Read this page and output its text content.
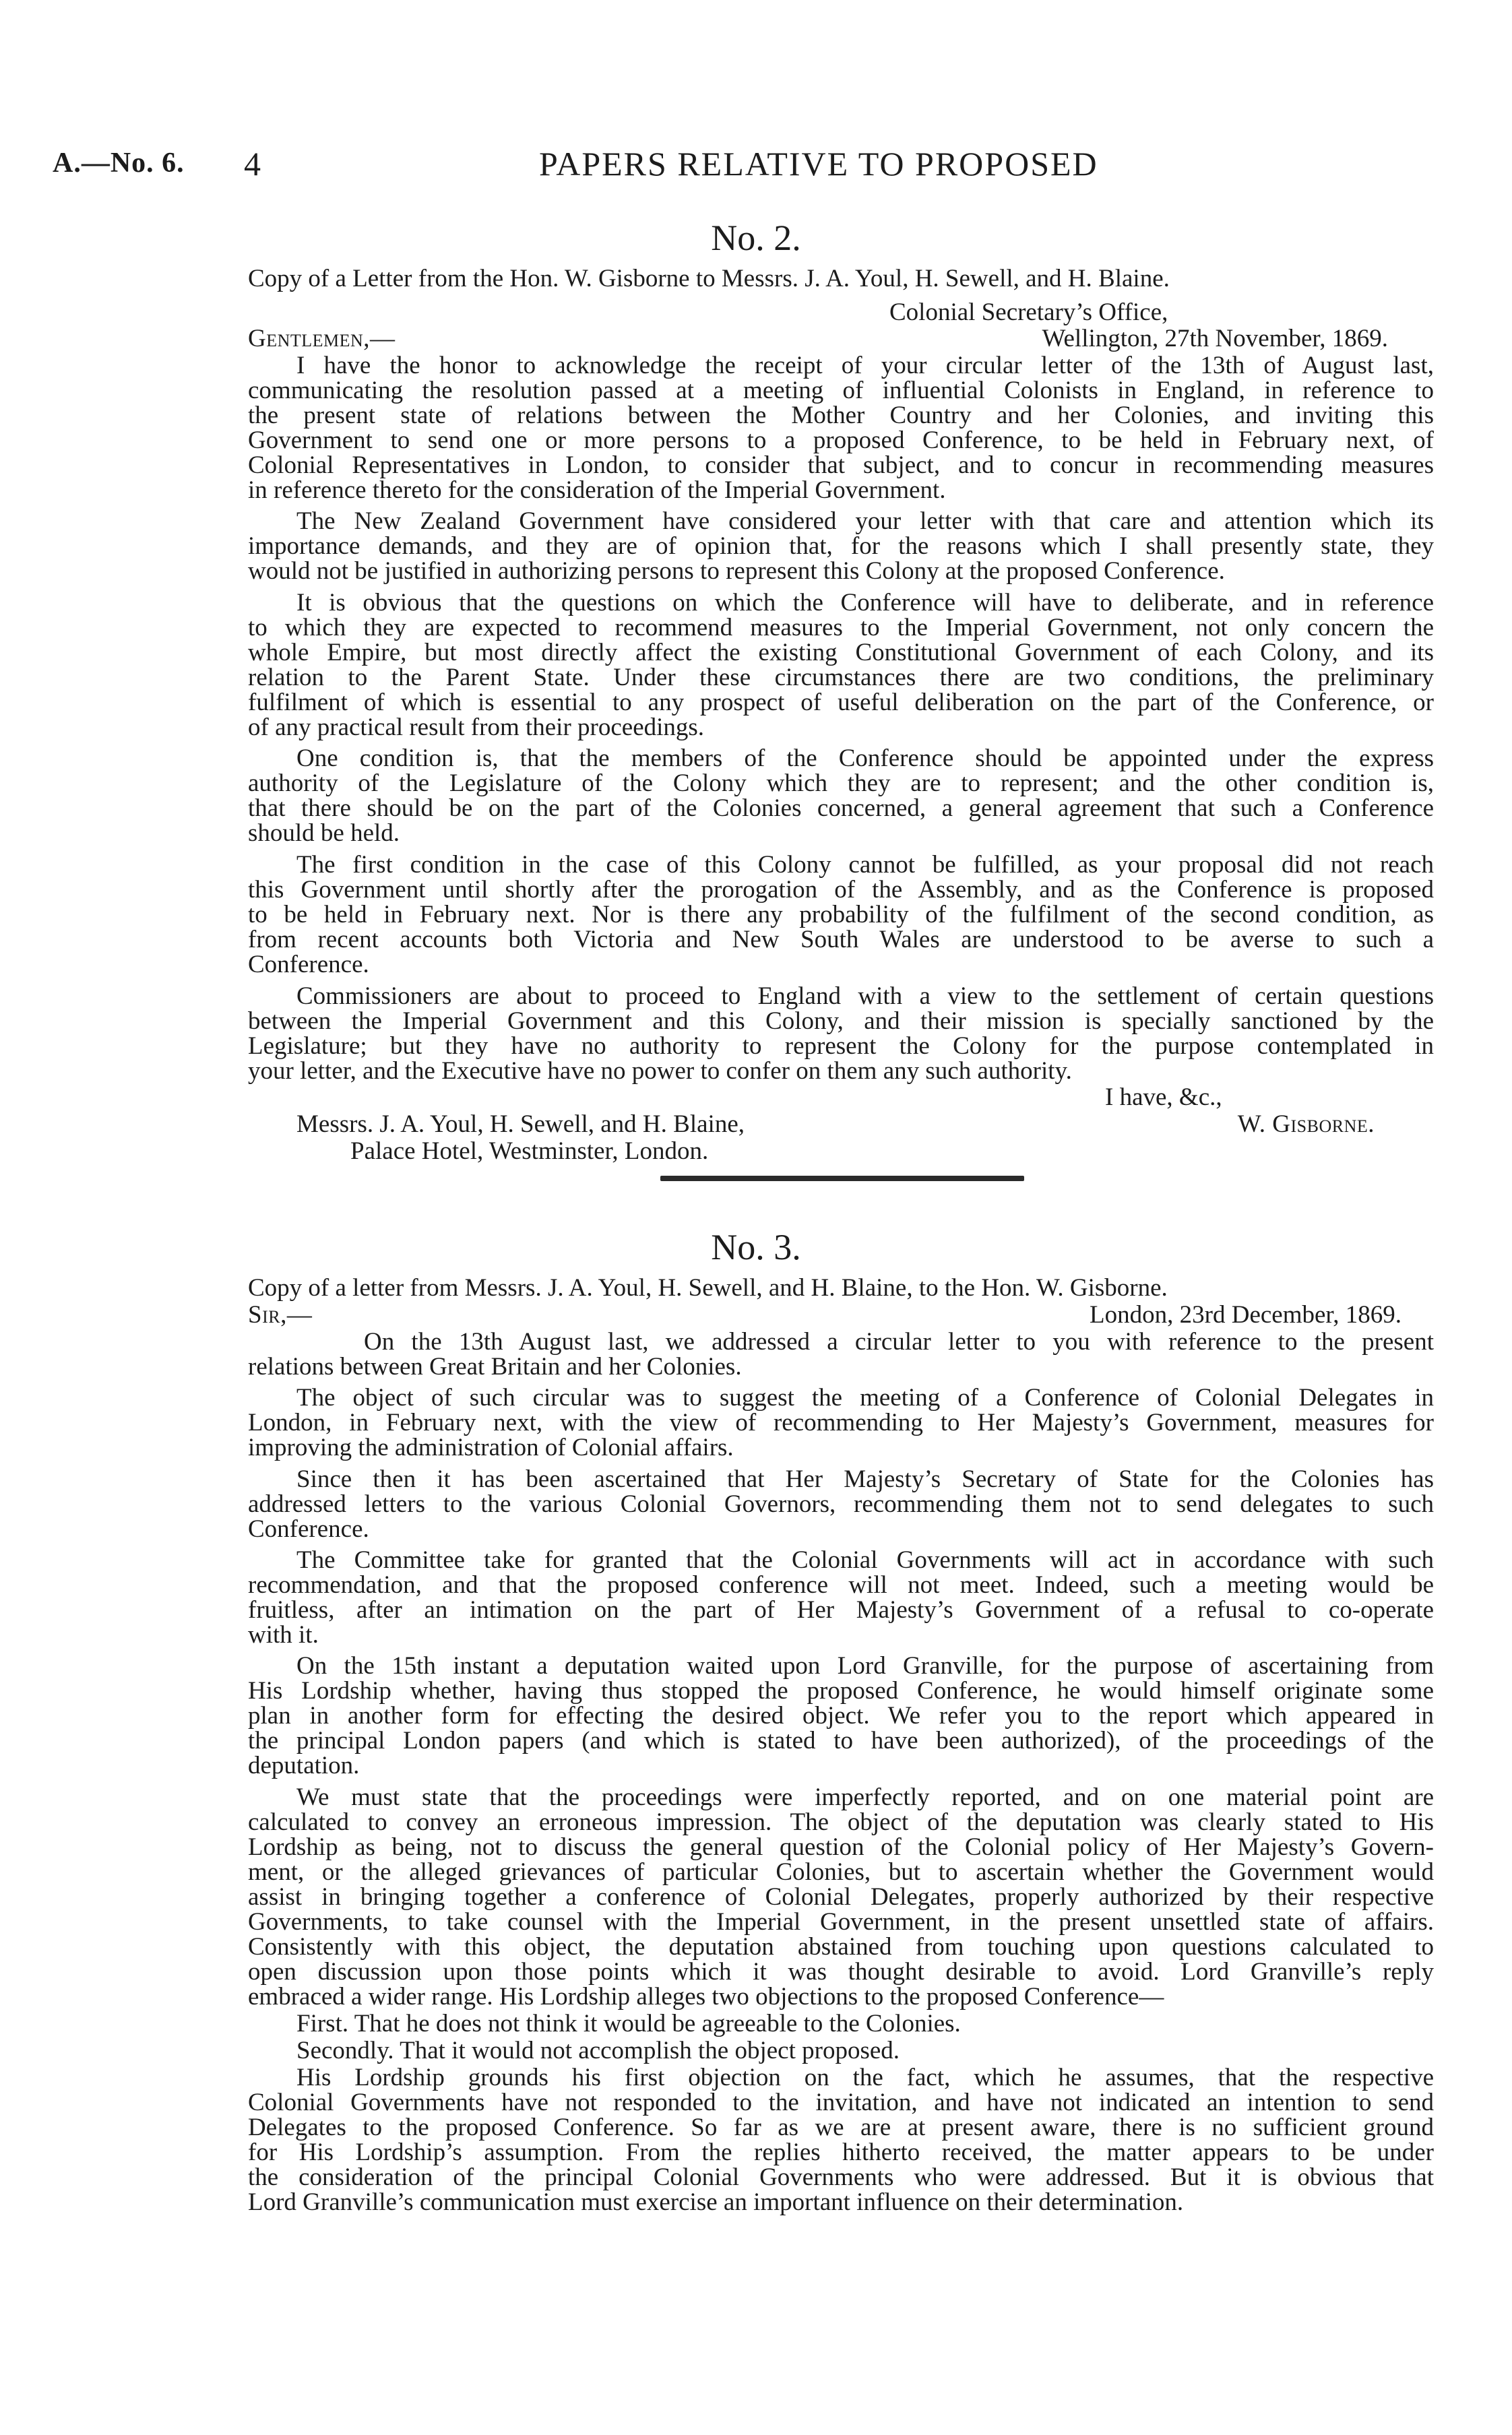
A.—No. 6. 4	PAPERS RELATIVE TO PROPOSED
No. 2.
Copy of a Letter from the Hon. W. Gisborne to Messrs. J. A. Youl, H. Sewell, and H. Blaine.
Colonial Secretary’s Office,
Gentlemen,—	Wellington, 27th November, 1869.
I have the honor to acknowledge the receipt of your circular letter of the 13th of August last,
communicating the resolution passed at a meeting of influential Colonists in England, in reference to
the present state of relations between the Mother Country and her Colonies, and inviting this
Government to send one or more persons to a proposed Conference, to be held in February next, of
Colonial Representatives in London, to consider that subject, and to concur in recommending measures
in reference thereto for the consideration of the Imperial Government.
The New Zealand Government have considered your letter with that care and attention which its
importance demands, and they are of opinion that, for the reasons which I shall presently state, they
would not be justified in authorizing persons to represent this Colony at the proposed Conference.
It is obvious that the questions on which the Conference will have to deliberate, and in reference
to which they are expected to recommend measures to the Imperial Government, not only concern the
whole Empire, but most directly affect the existing Constitutional Government of each Colony, and its
relation to the Parent State. Under these circumstances there are two conditions, the preliminary
fulfilment of which is essential to any prospect of useful deliberation on the part of the Conference, or
of any practical result from their proceedings.
One condition is, that the members of the Conference should be appointed under the express
authority of the Legislature of the Colony which they are to represent; and the other condition is,
that there should be on the part of the Colonies concerned, a general agreement that such a Conference
should be held.
The first condition in the case of this Colony cannot be fulfilled, as your proposal did not reach
this Government until shortly after the prorogation of the Assembly, and as the Conference is proposed
to be held in February next. Nor is there any probability of the fulfilment of the second condition, as
from recent accounts both Victoria and New South Wales are understood to be averse to such a
Conference.
Commissioners are about to proceed to England with a view to the settlement of certain questions
between the Imperial Government and this Colony, and their mission is specially sanctioned by the
Legislature; but they have no authority to represent the Colony for the purpose contemplated in
your letter, and the Executive have no power to confer on them any such authority.
I have, &c.,
Messrs. J. A. Youl, H. Sewell, and H. Blaine,	W. Gisborne.
Palace Hotel, Westminster, London.
No. 3.
Copy of a letter from Messrs. J. A. Youl, H. Sewell, and H. Blaine, to the Hon. W. Gisborne.
Sir,—	London, 23rd December, 1869.
On the 13th August last, we addressed a circular letter to you with reference to the present
relations between Great Britain and her Colonies.
The object of such circular was to suggest the meeting of a Conference of Colonial Delegates in
London, in February next, with the view of recommending to Her Majesty’s Government, measures for
improving the administration of Colonial affairs.
Since then it has been ascertained that Her Majesty’s Secretary of State for the Colonies has
addressed letters to the various Colonial Governors, recommending them not to send delegates to such
Conference.
The Committee take for granted that the Colonial Governments will act in accordance with such
recommendation, and that the proposed conference will not meet. Indeed, such a meeting would be
fruitless, after an intimation on the part of Her Majesty’s Government of a refusal to co-operate
with it.
On the 15th instant a deputation waited upon Lord Granville, for the purpose of ascertaining from
His Lordship whether, having thus stopped the proposed Conference, he would himself originate some
plan in another form for effecting the desired object. We refer you to the report which appeared in
the principal London papers (and which is stated to have been authorized), of the proceedings of the
deputation.
We must state that the proceedings were imperfectly reported, and on one material point are
calculated to convey an erroneous impression. The object of the deputation was clearly stated to His
Lordship as being, not to discuss the general question of the Colonial policy of Her Majesty’s Govern-
ment, or the alleged grievances of particular Colonies, but to ascertain whether the Government would
assist in bringing together a conference of Colonial Delegates, properly authorized by their respective
Governments, to take counsel with the Imperial Government, in the present unsettled state of affairs.
Consistently with this object, the deputation abstained from touching upon questions calculated to
open discussion upon those points which it was thought desirable to avoid. Lord Granville’s reply
embraced a wider range. His Lordship alleges two objections to the proposed Conference—
First. That he does not think it would be agreeable to the Colonies.
Secondly. That it would not accomplish the object proposed.
His Lordship grounds his first objection on the fact, which he assumes, that the respective
Colonial Governments have not responded to the invitation, and have not indicated an intention to send
Delegates to the proposed Conference. So far as we are at present aware, there is no sufficient ground
for His Lordship’s assumption. From the replies hitherto received, the matter appears to be under
the consideration of the principal Colonial Governments who were addressed. But it is obvious that
Lord Granville’s communication must exercise an important influence on their determination.
